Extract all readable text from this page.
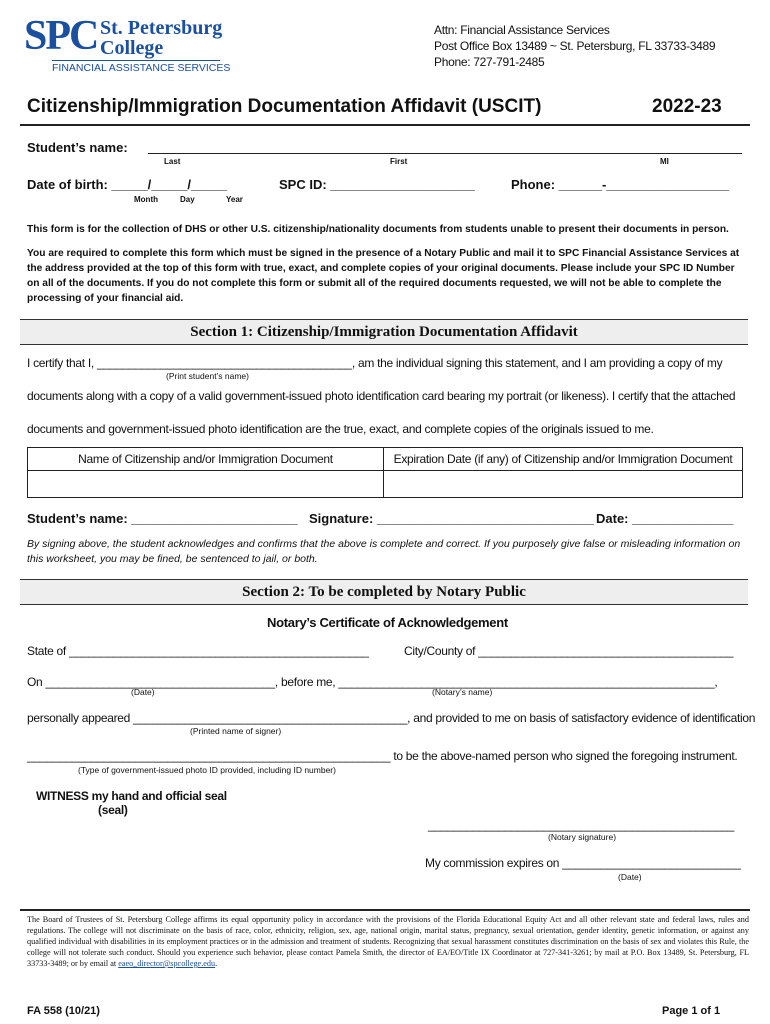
SPC St. Petersburg
College
FINANCIAL ASSISTANCE SERVICES
Attn: Financial Assistance Services
Post Office Box 13489 ~ St. Petersburg, FL 33733-3489
Phone: 727-791-2485
Citizenship/Immigration Documentation Affidavit (USCIT)	2022-23
Student’s name:
Last	First	MI
Date of birth: _____/_____/_____
Month	Day	Year
SPC ID: ____________________	Phone: ______-_________________
This form is for the collection of DHS or other U.S. citizenship/nationality documents from students unable to present their documents in person.
You are required to complete this form which must be signed in the presence of a Notary Public and mail it to SPC Financial Assistance Services at the address provided at the top of this form with true, exact, and complete copies of your original documents. Please include your SPC ID Number on all of the documents. If you do not complete this form or submit all of the required documents requested, we will not be able to complete the processing of your financial aid.
Section 1: Citizenship/Immigration Documentation Affidavit
I certify that I, ________________________________________, am the individual signing this statement, and I am providing a copy of my
(Print student’s name)
documents along with a copy of a valid government-issued photo identification card bearing my portrait (or likeness). I certify that the attached
documents and government-issued photo identification are the true, exact, and complete copies of the originals issued to me.
Name of Citizenship and/or Immigration Document	Expiration Date (if any) of Citizenship and/or Immigration Document

Student’s name: _______________________ Signature: ______________________________ Date: ______________
By signing above, the student acknowledges and confirms that the above is complete and correct. If you purposely give false or misleading information on this worksheet, you may be fined, be sentenced to jail, or both.
Section 2: To be completed by Notary Public
Notary’s Certificate of Acknowledgement
State of _______________________________________________	City/County of ________________________________________
On ____________________________________, before me, ___________________________________________________________,
(Date)	(Notary’s name)
personally appeared ___________________________________________, and provided to me on basis of satisfactory evidence of identification
(Printed name of signer)
_________________________________________________________ to be the above-named person who signed the foregoing instrument.
(Type of government-issued photo ID provided, including ID number)
WITNESS my hand and official seal
(seal)
________________________________________________
(Notary signature)
My commission expires on ____________________________
(Date)
The Board of Trustees of St. Petersburg College affirms its equal opportunity policy in accordance with the provisions of the Florida Educational Equity Act and all other relevant state and federal laws, rules and regulations. The college will not discriminate on the basis of race, color, ethnicity, religion, sex, age, national origin, marital status, pregnancy, sexual orientation, gender identity, genetic information, or against any qualified individual with disabilities in its employment practices or in the admission and treatment of students. Recognizing that sexual harassment constitutes discrimination on the basis of sex and violates this Rule, the college will not tolerate such conduct. Should you experience such behavior, please contact Pamela Smith, the director of EA/EO/Title IX Coordinator at 727-341-3261; by mail at P.O. Box 13489, St. Petersburg, FL 33733-3489; or by email at eaeo_director@spcollege.edu.
FA 558 (10/21)	Page 1 of 1
